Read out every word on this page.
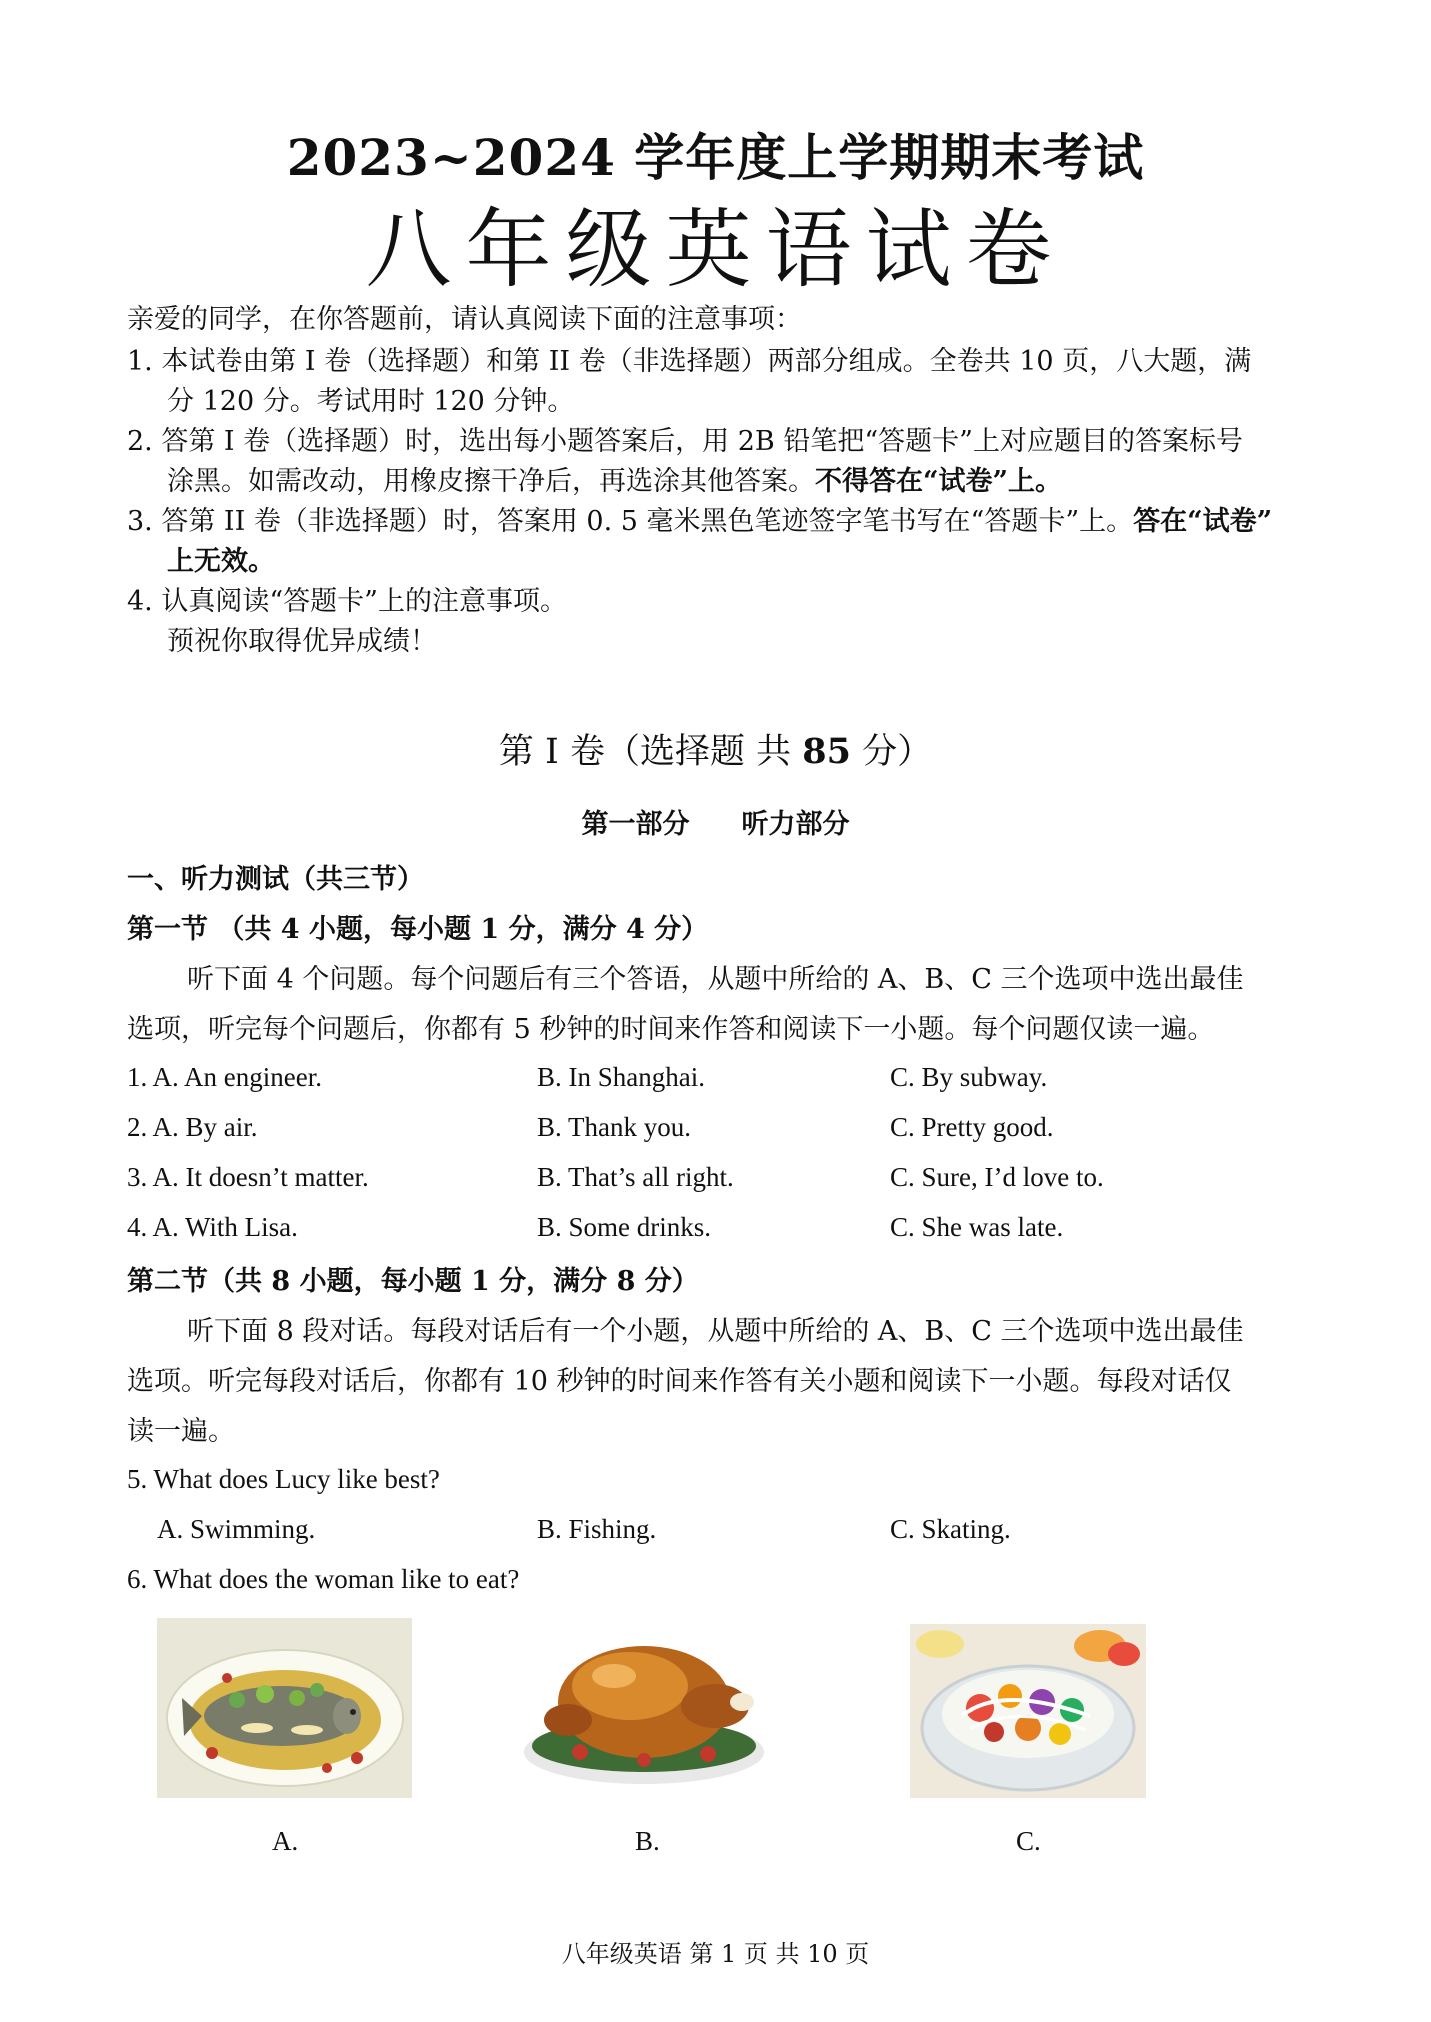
2023~2024 学年度上学期期末考试
八年级英语试卷
亲爱的同学，在你答题前，请认真阅读下面的注意事项：
1. 本试卷由第 I 卷（选择题）和第 II 卷（非选择题）两部分组成。全卷共 10 页，八大题，满
分 120 分。考试用时 120 分钟。
2. 答第 I 卷（选择题）时，选出每小题答案后，用 2B 铅笔把“答题卡”上对应题目的答案标号
涂黑。如需改动，用橡皮擦干净后，再选涂其他答案。不得答在“试卷”上。
3. 答第 II 卷（非选择题）时，答案用 0. 5 毫米黑色笔迹签字笔书写在“答题卡”上。答在“试卷”
上无效。
4. 认真阅读“答题卡”上的注意事项。
预祝你取得优异成绩！
第 I 卷（选择题 共 85 分）
第一部分 听力部分
一、听力测试（共三节）
第一节 （共 4 小题，每小题 1 分，满分 4 分）
听下面 4 个问题。每个问题后有三个答语，从题中所给的 A、B、C 三个选项中选出最佳
选项，听完每个问题后，你都有 5 秒钟的时间来作答和阅读下一小题。每个问题仅读一遍。
1. A. An engineer.	B. In Shanghai.	C. By subway.
2. A. By air.	B. Thank you.	C. Pretty good.
3. A. It doesn’t matter.	B. That’s all right.	C. Sure, I’d love to.
4. A. With Lisa.	B. Some drinks.	C. She was late.
第二节（共 8 小题，每小题 1 分，满分 8 分）
听下面 8 段对话。每段对话后有一个小题，从题中所给的 A、B、C 三个选项中选出最佳
选项。听完每段对话后，你都有 10 秒钟的时间来作答有关小题和阅读下一小题。每段对话仅
读一遍。
5. What does Lucy like best?
A. Swimming.	B. Fishing.	C. Skating.
6. What does the woman like to eat?
A.	B.	C.
八年级英语 第 1 页 共 10 页
